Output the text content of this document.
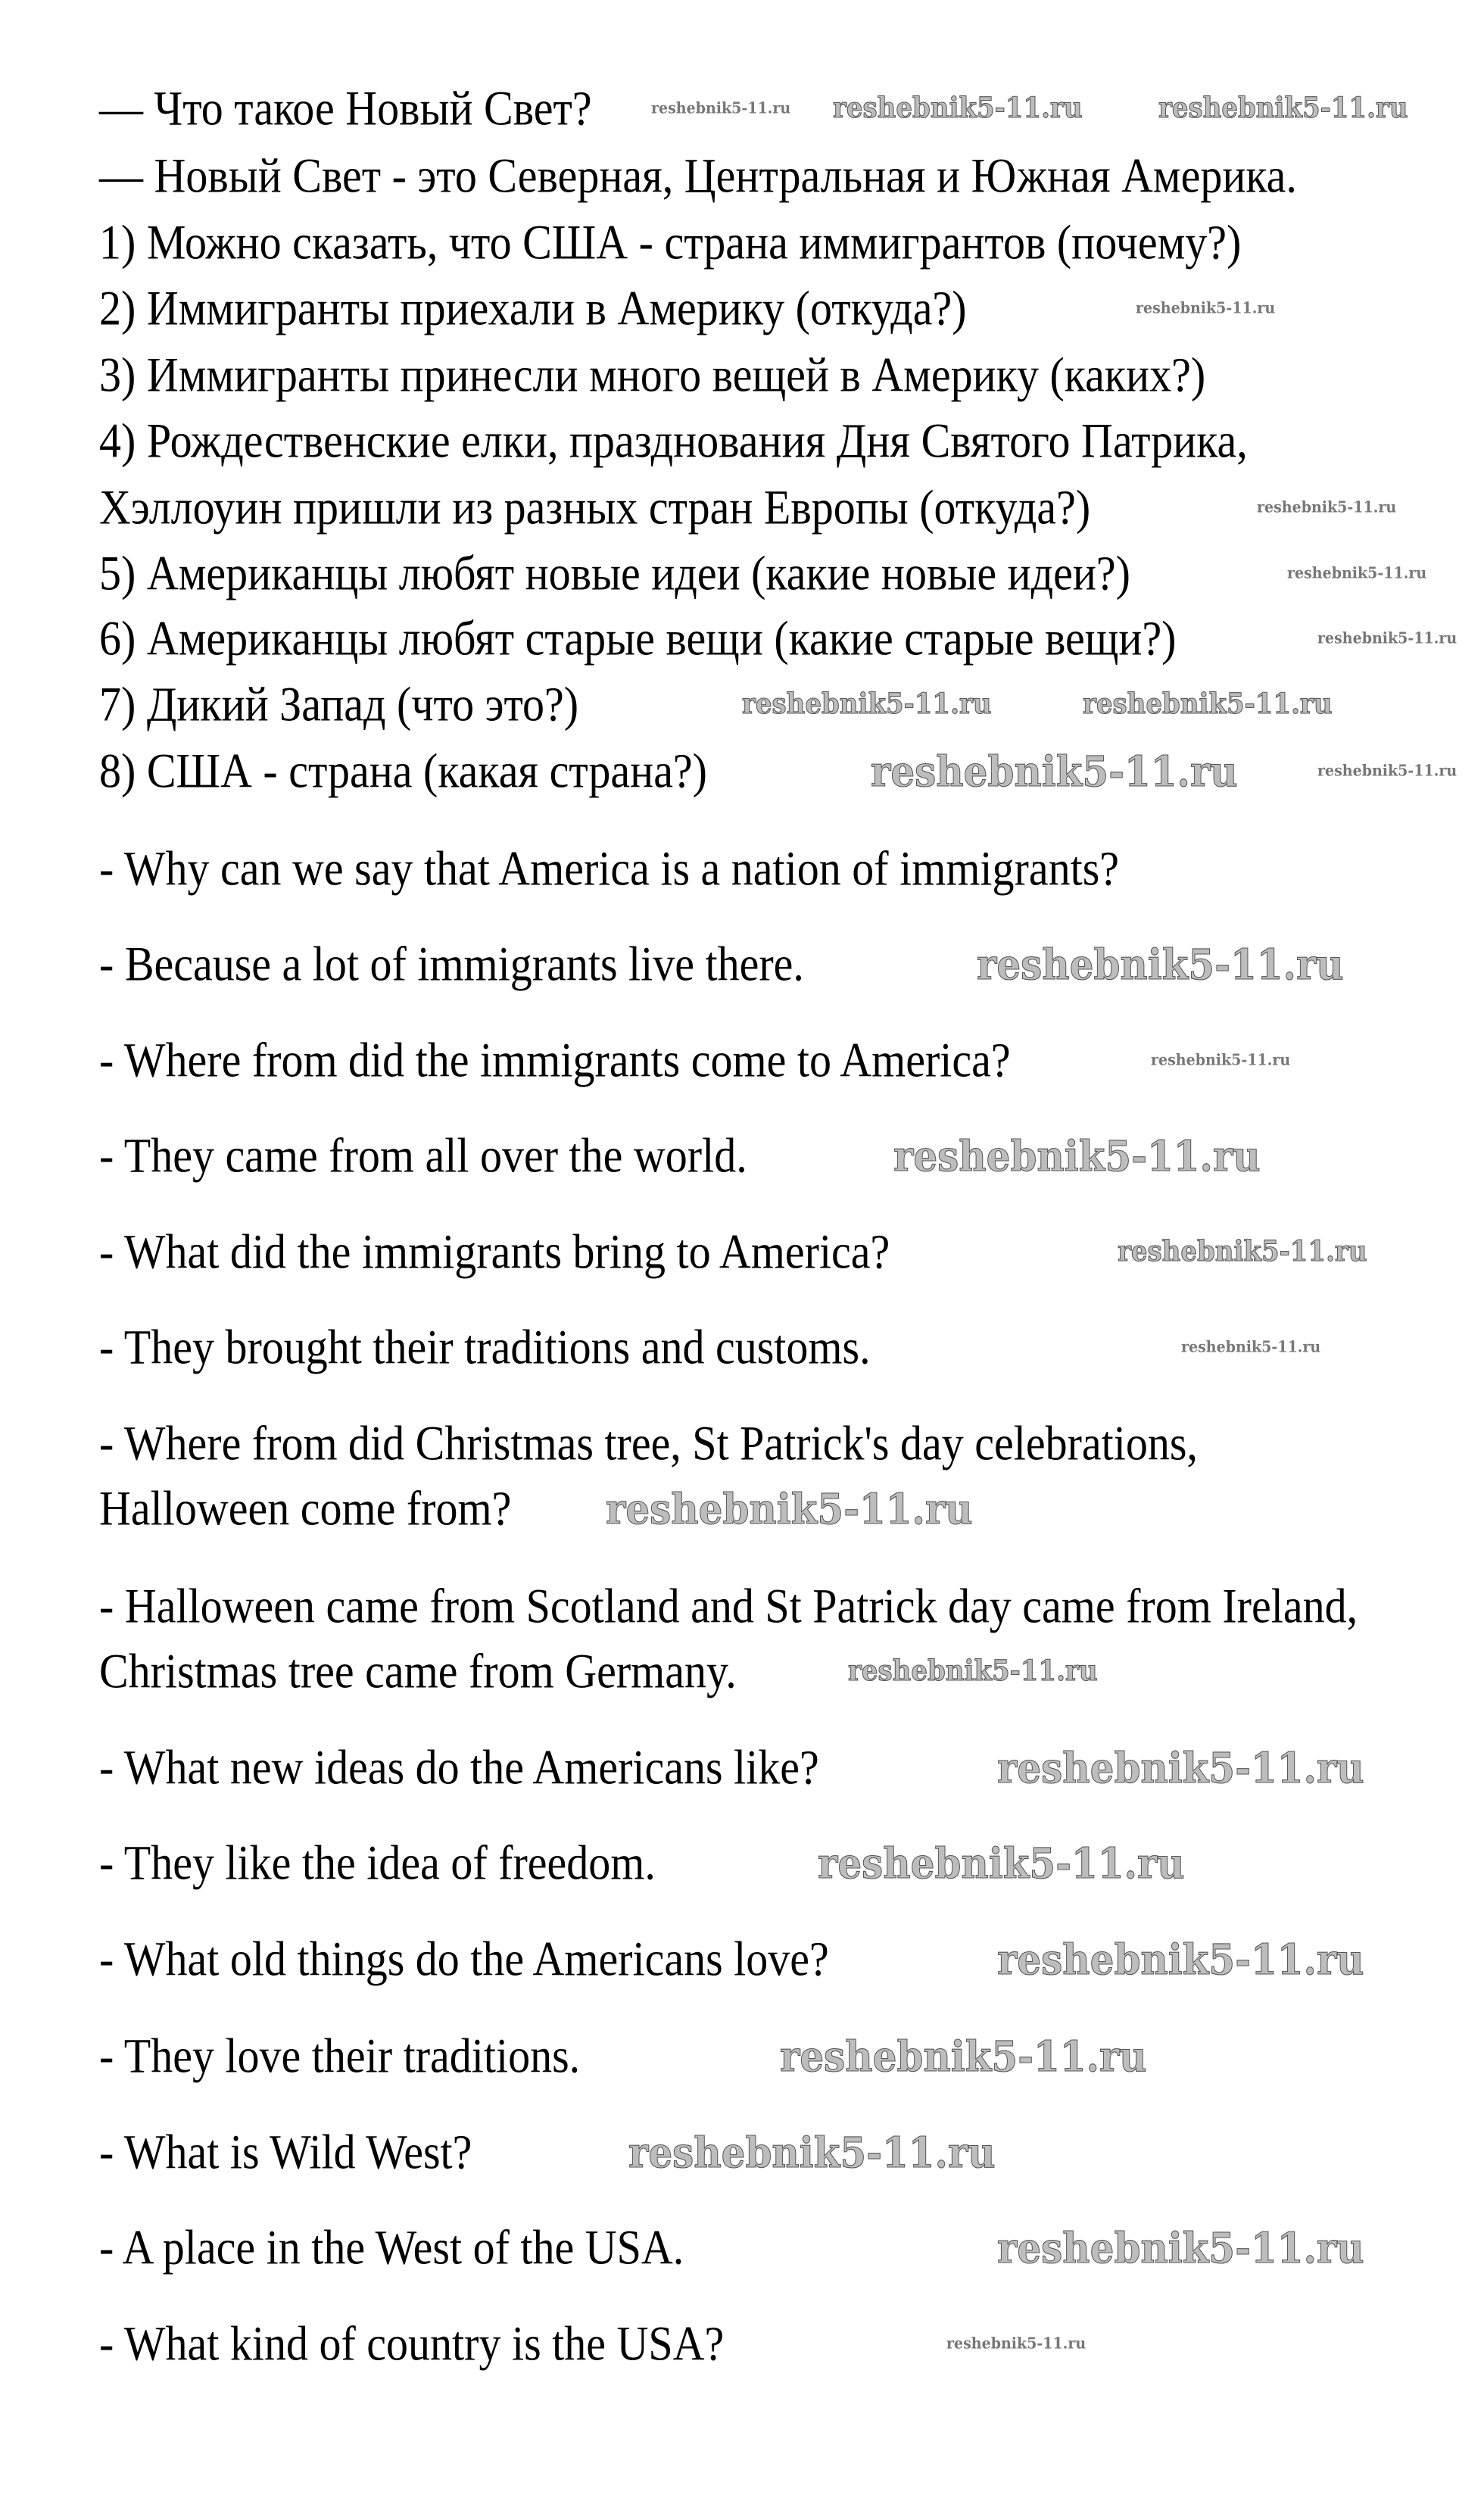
— Что такое Новый Свет?
— Новый Свет - это Северная, Центральная и Южная Америка.
1) Можно сказать, что США - страна иммигрантов (почему?)
2) Иммигранты приехали в Америку (откуда?)
3) Иммигранты принесли много вещей в Америку (каких?)
4) Рождественские елки, празднования Дня Святого Патрика,
Хэллоуин пришли из разных стран Европы (откуда?)
5) Американцы любят новые идеи (какие новые идеи?)
6) Американцы любят старые вещи (какие старые вещи?)
7) Дикий Запад (что это?)
8) США - страна (какая страна?)
- Why can we say that America is a nation of immigrants?
- Because a lot of immigrants live there.
- Where from did the immigrants come to America?
- They came from all over the world.
- What did the immigrants bring to America?
- They brought their traditions and customs.
- Where from did Christmas tree, St Patrick's day celebrations,
Halloween come from?
- Halloween came from Scotland and St Patrick day came from Ireland,
Christmas tree came from Germany.
- What new ideas do the Americans like?
- They like the idea of freedom.
- What old things do the Americans love?
- They love their traditions.
- What is Wild West?
- A place in the West of the USA.
- What kind of country is the USA?
reshebnik5-11.ru reshebnik5-11.ru	reshebnik5-11.ru
reshebnik5-11.ru
reshebnik5-11.ru
reshebnik5-11.ru
reshebnik5-11.ru
reshebnik5-11.ru	reshebnik5-11.ru
reshebnik5-11.ru	reshebnik5-11.ru
reshebnik5-11.ru
reshebnik5-11.ru
reshebnik5-11.ru
reshebnik5-11.ru
reshebnik5-11.ru
reshebnik5-11.ru
reshebnik5-11.ru
reshebnik5-11.ru
reshebnik5-11.ru
reshebnik5-11.ru
reshebnik5-11.ru
reshebnik5-11.ru
reshebnik5-11.ru
reshebnik5-11.ru
